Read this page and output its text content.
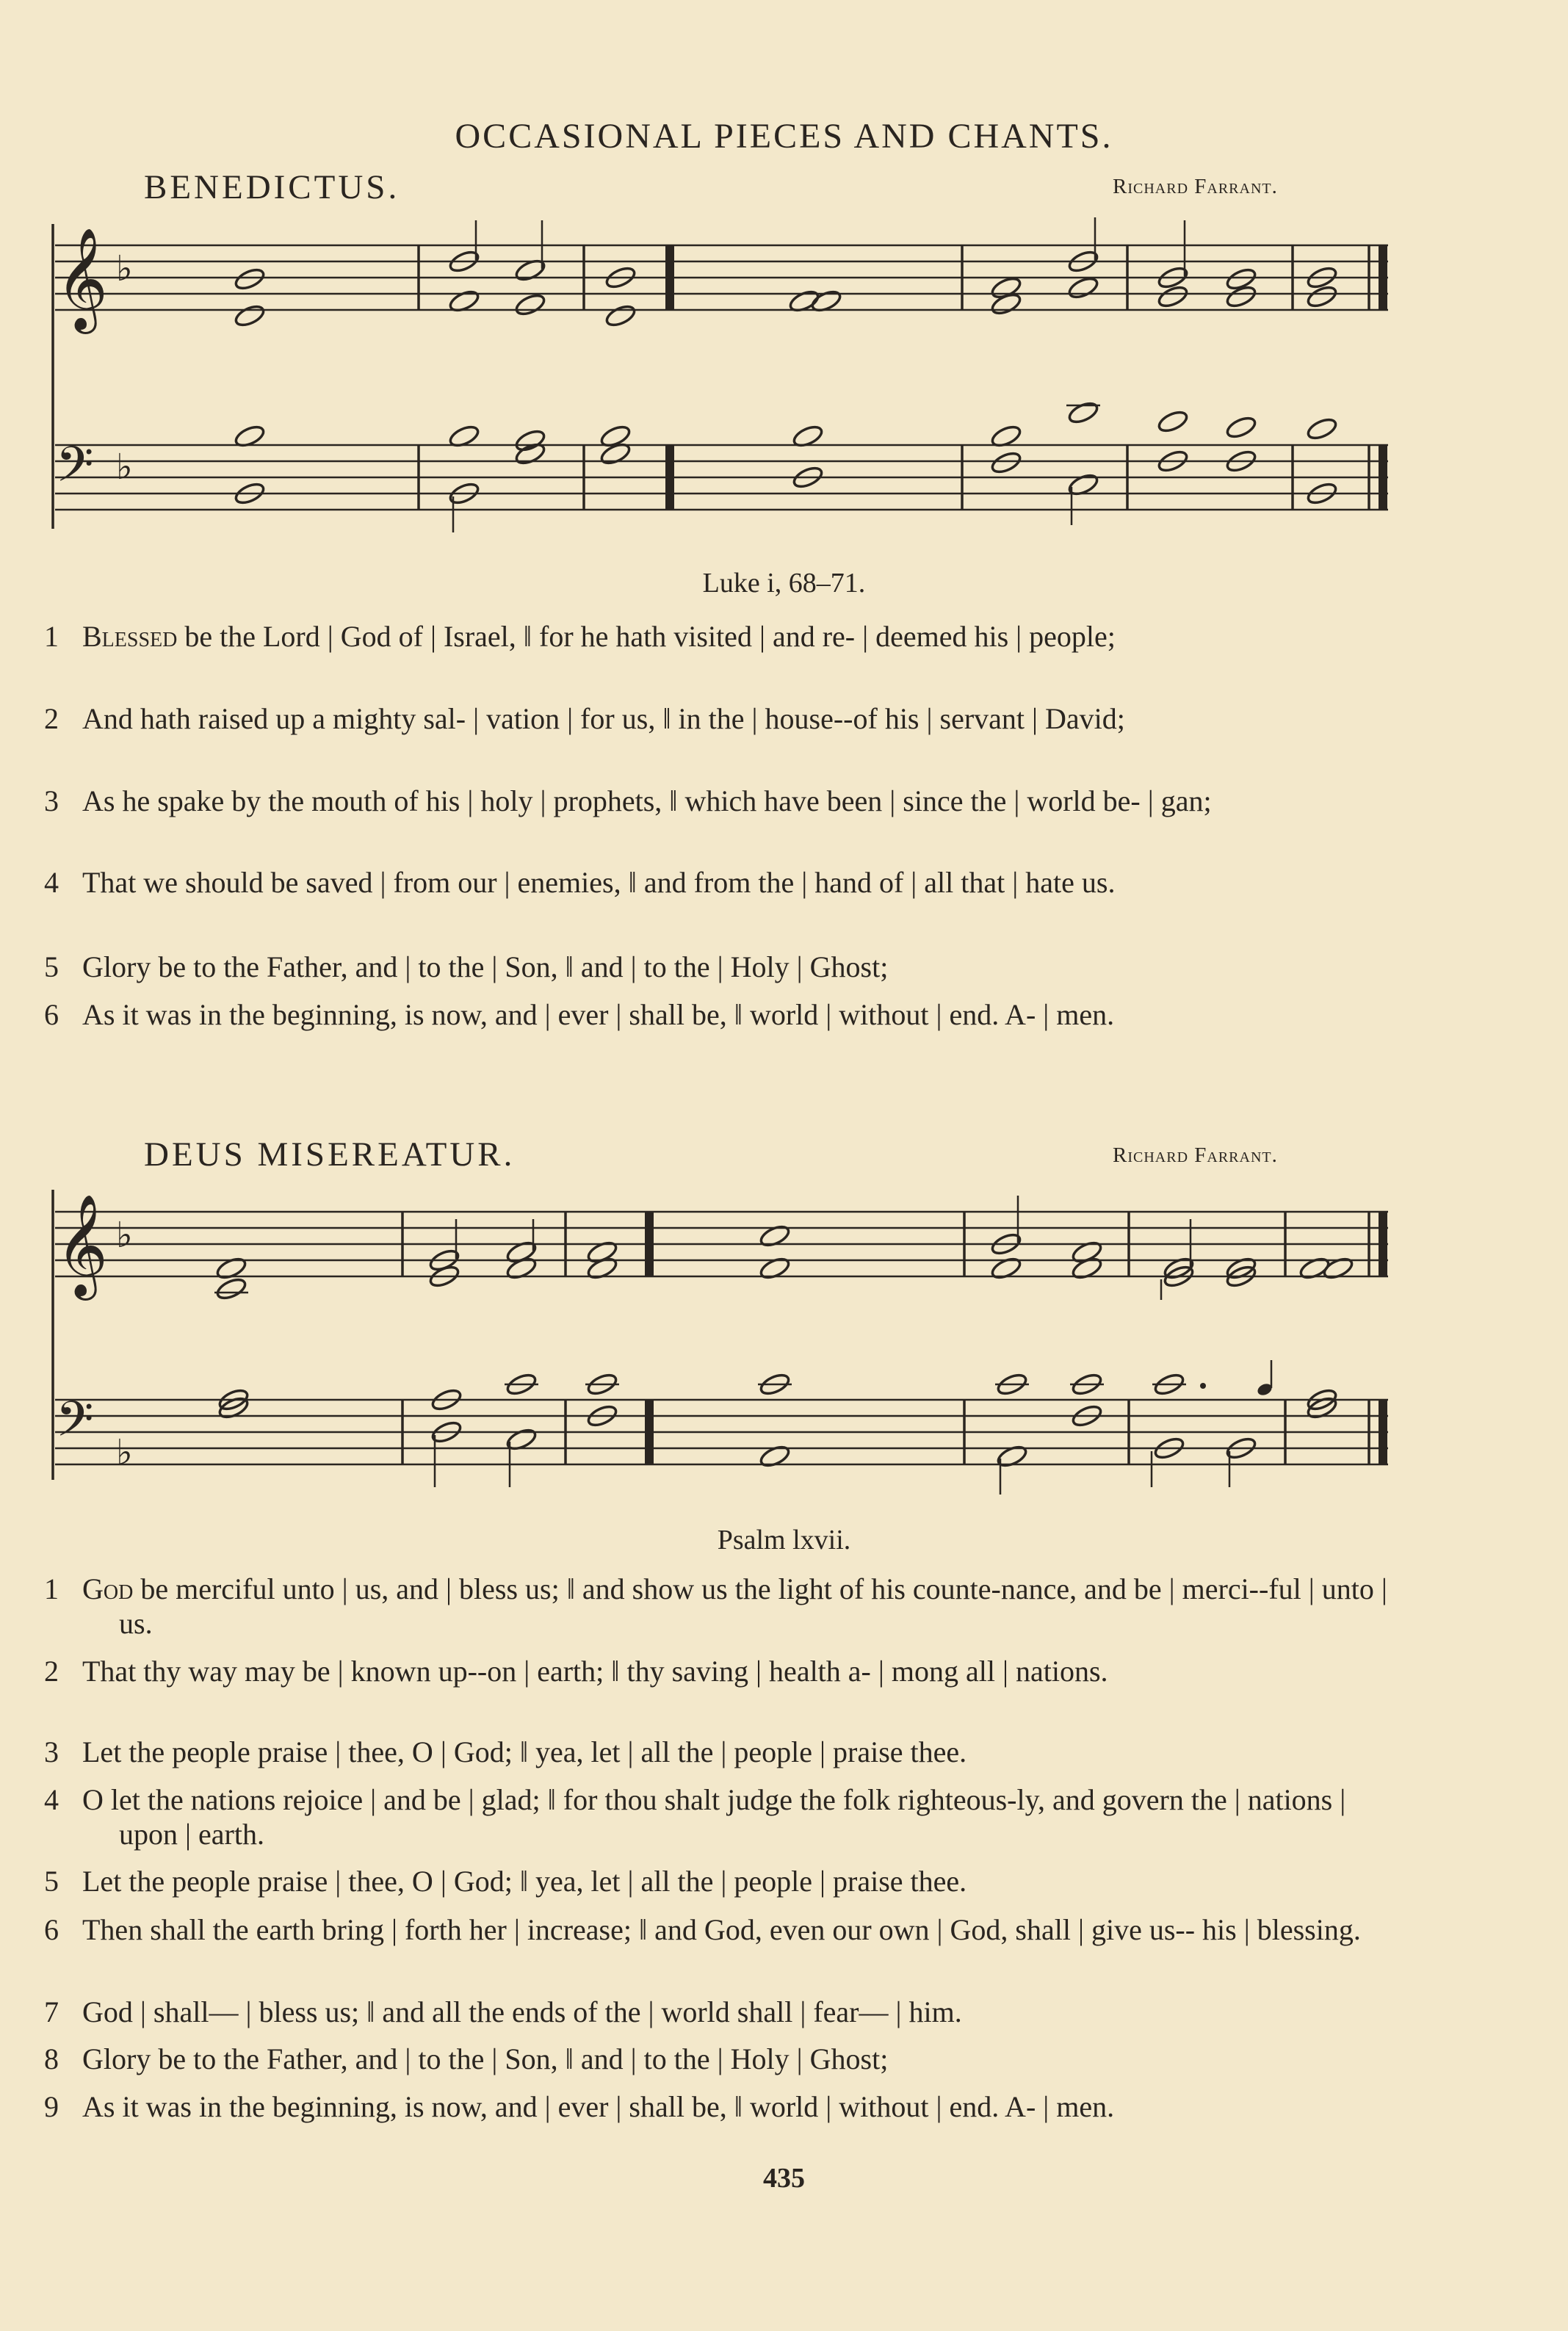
OCCASIONAL PIECES AND CHANTS.
BENEDICTUS.	Richard Farrant.
𝄞 ♭
𝄢 ♭
Luke i, 68–71.
1 Blessed be the Lord | God of | Israel, ‖ for he hath visited | and re- | deemed his | people;
2 And hath raised up a mighty sal- | vation | for us, ‖ in the | house--of his | servant | David;
3 As he spake by the mouth of his | holy | prophets, ‖ which have been | since the | world be- | gan;
4 That we should be saved | from our | enemies, ‖ and from the | hand of | all that | hate us.
5 Glory be to the Father, and | to the | Son, ‖ and | to the | Holy | Ghost;
6 As it was in the beginning, is now, and | ever | shall be, ‖ world | without | end. A- | men.
DEUS MISEREATUR.	Richard Farrant.
𝄞 ♭
𝄢 ♭
Psalm lxvii.
1 God be merciful unto | us, and | bless us; ‖ and show us the light of his counte-nance, and be | merci--ful | unto | us.
2 That thy way may be | known up--on | earth; ‖ thy saving | health a- | mong all | nations.
3 Let the people praise | thee, O | God; ‖ yea, let | all the | people | praise thee.
4 O let the nations rejoice | and be | glad; ‖ for thou shalt judge the folk righteous-ly, and govern the | nations | upon | earth.
5 Let the people praise | thee, O | God; ‖ yea, let | all the | people | praise thee.
6 Then shall the earth bring | forth her | increase; ‖ and God, even our own | God, shall | give us-- his | blessing.
7 God | shall— | bless us; ‖ and all the ends of the | world shall | fear— | him.
8 Glory be to the Father, and | to the | Son, ‖ and | to the | Holy | Ghost;
9 As it was in the beginning, is now, and | ever | shall be, ‖ world | without | end. A- | men.
435
